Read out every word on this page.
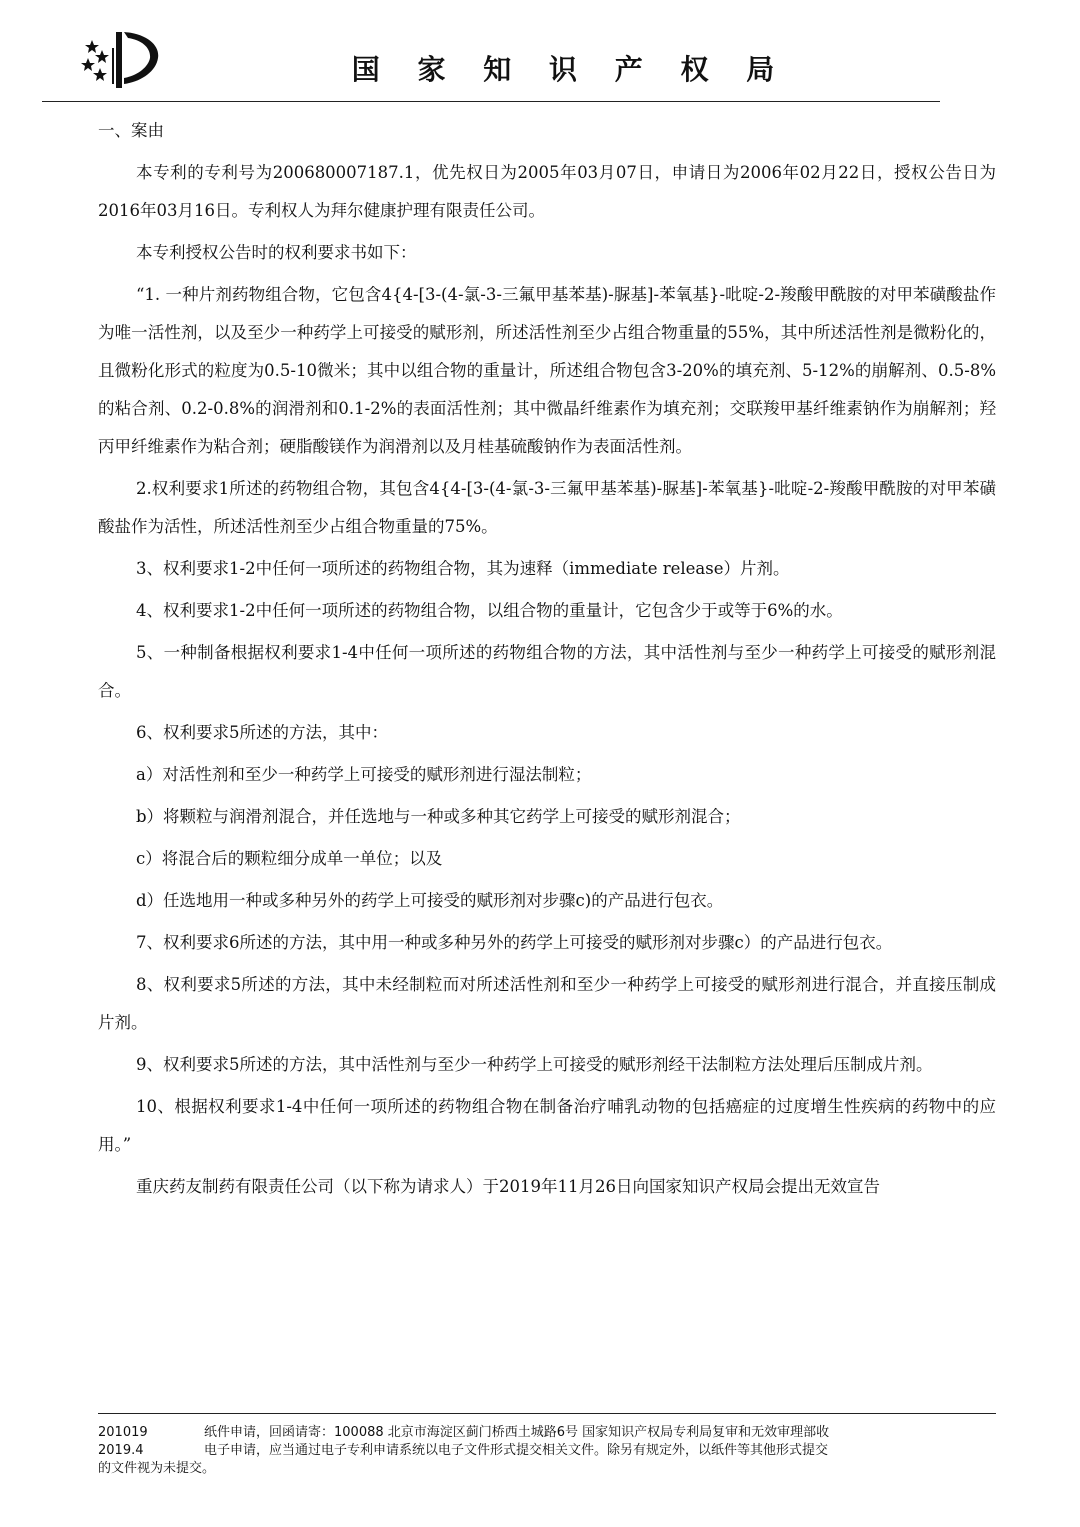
国 家 知 识 产 权 局

一、案由

本专利的专利号为200680007187.1，优先权日为2005年03月07日，申请日为2006年02月22日，授权公告日为2016年03月16日。专利权人为拜尔健康护理有限责任公司。

本专利授权公告时的权利要求书如下：

“1. 一种片剂药物组合物，它包含4{4-[3-(4-氯-3-三氟甲基苯基)-脲基]-苯氧基}-吡啶-2-羧酸甲酰胺的对甲苯磺酸盐作为唯一活性剂，以及至少一种药学上可接受的赋形剂，所述活性剂至少占组合物重量的55%，其中所述活性剂是微粉化的，且微粉化形式的粒度为0.5-10微米；其中以组合物的重量计，所述组合物包含3-20%的填充剂、5-12%的崩解剂、0.5-8%的粘合剂、0.2-0.8%的润滑剂和0.1-2%的表面活性剂；其中微晶纤维素作为填充剂；交联羧甲基纤维素钠作为崩解剂；羟丙甲纤维素作为粘合剂；硬脂酸镁作为润滑剂以及月桂基硫酸钠作为表面活性剂。

2.权利要求1所述的药物组合物，其包含4{4-[3-(4-氯-3-三氟甲基苯基)-脲基]-苯氧基}-吡啶-2-羧酸甲酰胺的对甲苯磺酸盐作为活性，所述活性剂至少占组合物重量的75%。

3、权利要求1-2中任何一项所述的药物组合物，其为速释（immediate release）片剂。

4、权利要求1-2中任何一项所述的药物组合物，以组合物的重量计，它包含少于或等于6%的水。

5、一种制备根据权利要求1-4中任何一项所述的药物组合物的方法，其中活性剂与至少一种药学上可接受的赋形剂混合。

6、权利要求5所述的方法，其中：

a）对活性剂和至少一种药学上可接受的赋形剂进行湿法制粒；

b）将颗粒与润滑剂混合，并任选地与一种或多种其它药学上可接受的赋形剂混合；

c）将混合后的颗粒细分成单一单位；以及

d）任选地用一种或多种另外的药学上可接受的赋形剂对步骤c)的产品进行包衣。

7、权利要求6所述的方法，其中用一种或多种另外的药学上可接受的赋形剂对步骤c）的产品进行包衣。

8、权利要求5所述的方法，其中未经制粒而对所述活性剂和至少一种药学上可接受的赋形剂进行混合，并直接压制成片剂。

9、权利要求5所述的方法，其中活性剂与至少一种药学上可接受的赋形剂经干法制粒方法处理后压制成片剂。

10、根据权利要求1-4中任何一项所述的药物组合物在制备治疗哺乳动物的包括癌症的过度增生性疾病的药物中的应用。”

重庆药友制药有限责任公司（以下称为请求人）于2019年11月26日向国家知识产权局会提出无效宣告

201019	纸件申请，回函请寄：100088 北京市海淀区蓟门桥西土城路6号 国家知识产权局专利局复审和无效审理部收
2019.4	电子申请，应当通过电子专利申请系统以电子文件形式提交相关文件。除另有规定外，以纸件等其他形式提交
的文件视为未提交。
